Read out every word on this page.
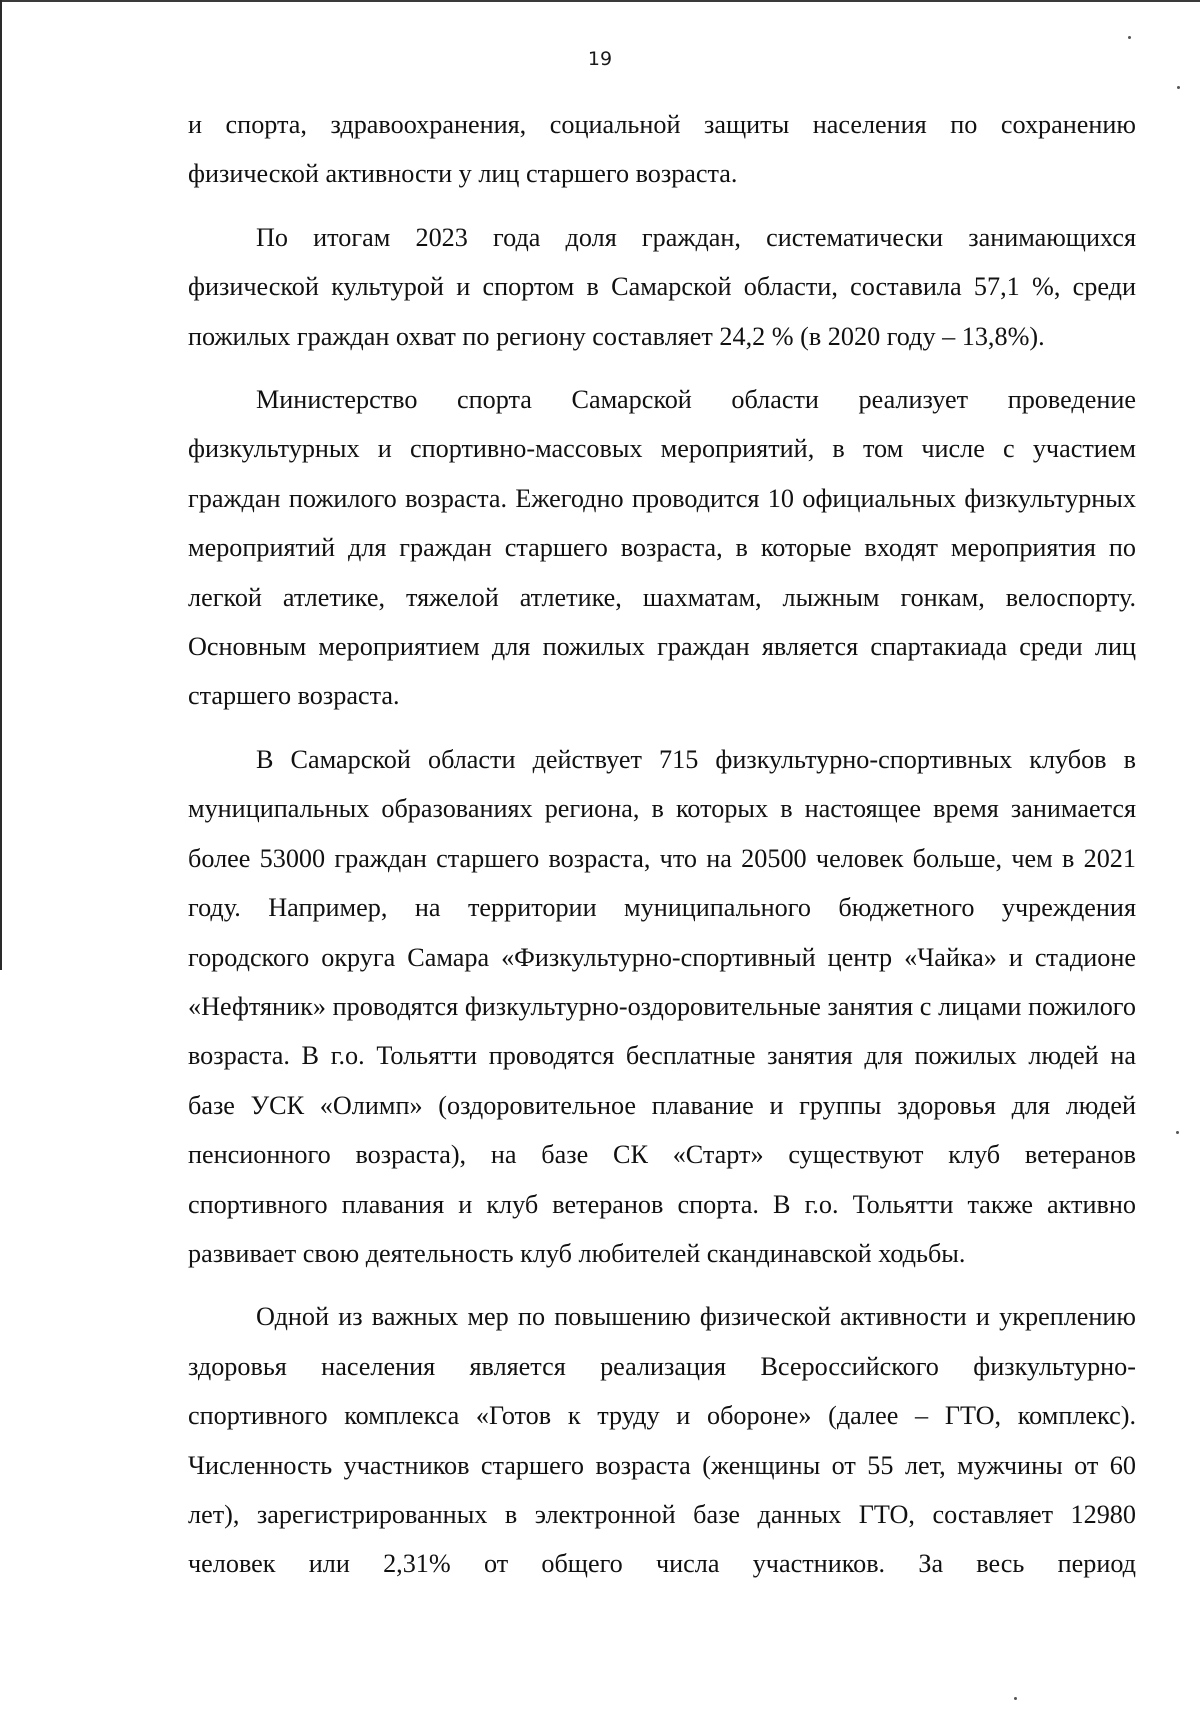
19

и спорта, здравоохранения, социальной защиты населения по сохранению физической активности у лиц старшего возраста.

По итогам 2023 года доля граждан, систематически занимающихся физической культурой и спортом в Самарской области, составила 57,1 %, среди пожилых граждан охват по региону составляет 24,2 % (в 2020 году – 13,8%).

Министерство спорта Самарской области реализует проведение физкультурных и спортивно-массовых мероприятий, в том числе с участием граждан пожилого возраста. Ежегодно проводится 10 официальных физкультурных мероприятий для граждан старшего возраста, в которые входят мероприятия по легкой атлетике, тяжелой атлетике, шахматам, лыжным гонкам, велоспорту. Основным мероприятием для пожилых граждан является спартакиада среди лиц старшего возраста.

В Самарской области действует 715 физкультурно-спортивных клубов в муниципальных образованиях региона, в которых в настоящее время занимается более 53000 граждан старшего возраста, что на 20500 человек больше, чем в 2021 году. Например, на территории муниципального бюджетного учреждения городского округа Самара «Физкультурно-спортивный центр «Чайка» и стадионе «Нефтяник» проводятся физкультурно-оздоровительные занятия с лицами пожилого возраста. В г.о. Тольятти проводятся бесплатные занятия для пожилых людей на базе УСК «Олимп» (оздоровительное плавание и группы здоровья для людей пенсионного возраста), на базе СК «Старт» существуют клуб ветеранов спортивного плавания и клуб ветеранов спорта. В г.о. Тольятти также активно развивает свою деятельность клуб любителей скандинавской ходьбы.

Одной из важных мер по повышению физической активности и укреплению здоровья населения является реализация Всероссийского физкультурно-спортивного комплекса «Готов к труду и обороне» (далее – ГТО, комплекс). Численность участников старшего возраста (женщины от 55 лет, мужчины от 60 лет), зарегистрированных в электронной базе данных ГТО, составляет 12980 человек или 2,31% от общего числа участников. За весь период
